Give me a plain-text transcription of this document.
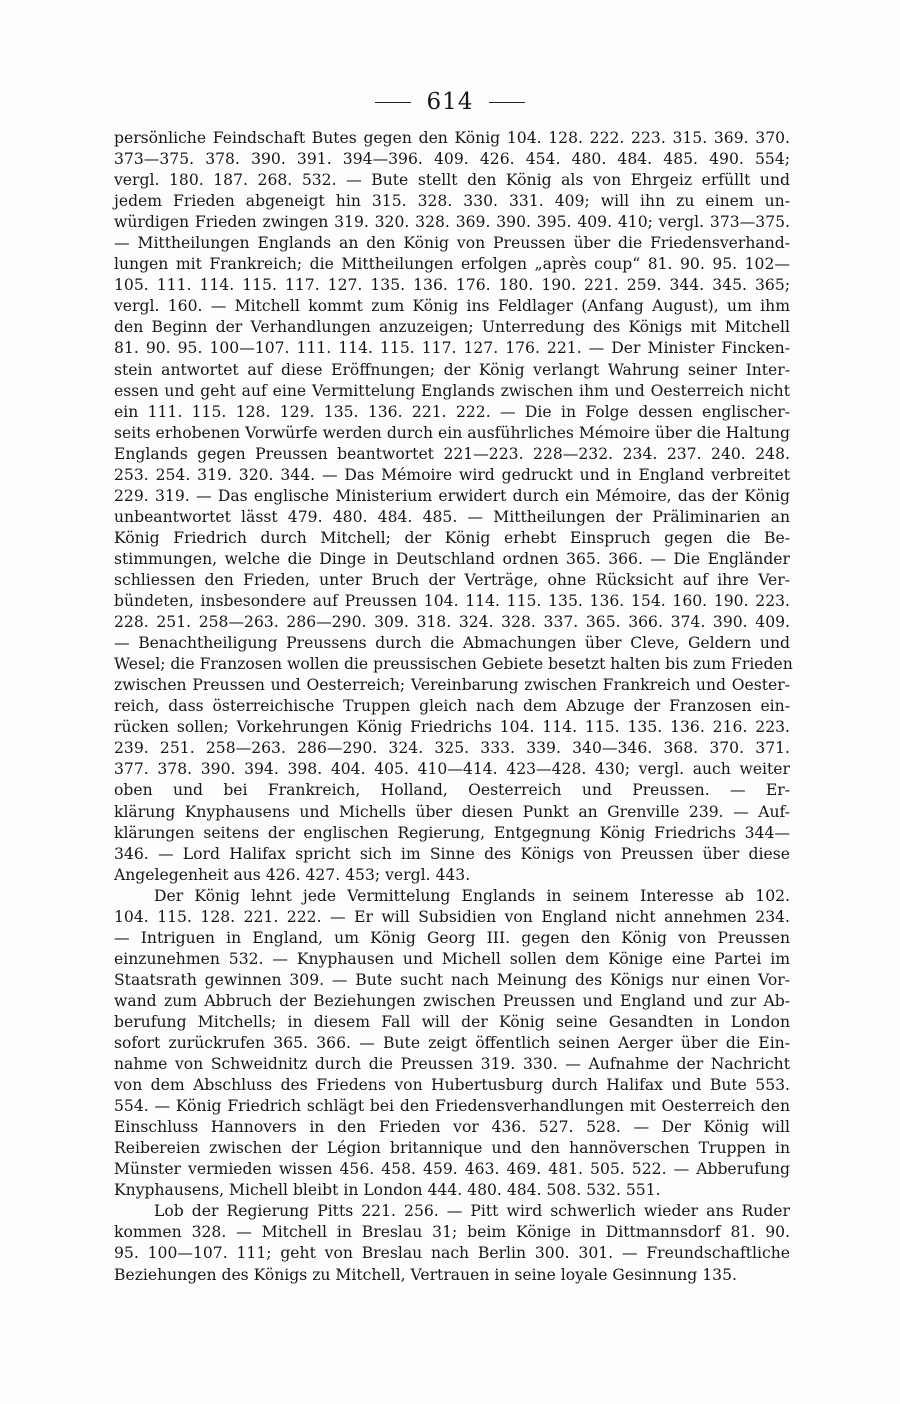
614
persönliche Feindschaft Butes gegen den König 104. 128. 222. 223. 315. 369. 370.
373—375. 378. 390. 391. 394—396. 409. 426. 454. 480. 484. 485. 490. 554;
vergl. 180. 187. 268. 532. — Bute stellt den König als von Ehrgeiz erfüllt und
jedem Frieden abgeneigt hin 315. 328. 330. 331. 409; will ihn zu einem un-
würdigen Frieden zwingen 319. 320. 328. 369. 390. 395. 409. 410; vergl. 373—375.
— Mittheilungen Englands an den König von Preussen über die Friedensverhand-
lungen mit Frankreich; die Mittheilungen erfolgen „après coup“ 81. 90. 95. 102—
105. 111. 114. 115. 117. 127. 135. 136. 176. 180. 190. 221. 259. 344. 345. 365;
vergl. 160. — Mitchell kommt zum König ins Feldlager (Anfang August), um ihm
den Beginn der Verhandlungen anzuzeigen; Unterredung des Königs mit Mitchell
81. 90. 95. 100—107. 111. 114. 115. 117. 127. 176. 221. — Der Minister Fincken-
stein antwortet auf diese Eröffnungen; der König verlangt Wahrung seiner Inter-
essen und geht auf eine Vermittelung Englands zwischen ihm und Oesterreich nicht
ein 111. 115. 128. 129. 135. 136. 221. 222. — Die in Folge dessen englischer-
seits erhobenen Vorwürfe werden durch ein ausführliches Mémoire über die Haltung
Englands gegen Preussen beantwortet 221—223. 228—232. 234. 237. 240. 248.
253. 254. 319. 320. 344. — Das Mémoire wird gedruckt und in England verbreitet
229. 319. — Das englische Ministerium erwidert durch ein Mémoire, das der König
unbeantwortet lässt 479. 480. 484. 485. — Mittheilungen der Präliminarien an
König Friedrich durch Mitchell; der König erhebt Einspruch gegen die Be-
stimmungen, welche die Dinge in Deutschland ordnen 365. 366. — Die Engländer
schliessen den Frieden, unter Bruch der Verträge, ohne Rücksicht auf ihre Ver-
bündeten, insbesondere auf Preussen 104. 114. 115. 135. 136. 154. 160. 190. 223.
228. 251. 258—263. 286—290. 309. 318. 324. 328. 337. 365. 366. 374. 390. 409.
— Benachtheiligung Preussens durch die Abmachungen über Cleve, Geldern und
Wesel; die Franzosen wollen die preussischen Gebiete besetzt halten bis zum Frieden
zwischen Preussen und Oesterreich; Vereinbarung zwischen Frankreich und Oester-
reich, dass österreichische Truppen gleich nach dem Abzuge der Franzosen ein-
rücken sollen; Vorkehrungen König Friedrichs 104. 114. 115. 135. 136. 216. 223.
239. 251. 258—263. 286—290. 324. 325. 333. 339. 340—346. 368. 370. 371.
377. 378. 390. 394. 398. 404. 405. 410—414. 423—428. 430; vergl. auch weiter
oben und bei Frankreich, Holland, Oesterreich und Preussen. — Er-
klärung Knyphausens und Michells über diesen Punkt an Grenville 239. — Auf-
klärungen seitens der englischen Regierung, Entgegnung König Friedrichs 344—
346. — Lord Halifax spricht sich im Sinne des Königs von Preussen über diese
Angelegenheit aus 426. 427. 453; vergl. 443.
Der König lehnt jede Vermittelung Englands in seinem Interesse ab 102.
104. 115. 128. 221. 222. — Er will Subsidien von England nicht annehmen 234.
— Intriguen in England, um König Georg III. gegen den König von Preussen
einzunehmen 532. — Knyphausen und Michell sollen dem Könige eine Partei im
Staatsrath gewinnen 309. — Bute sucht nach Meinung des Königs nur einen Vor-
wand zum Abbruch der Beziehungen zwischen Preussen und England und zur Ab-
berufung Mitchells; in diesem Fall will der König seine Gesandten in London
sofort zurückrufen 365. 366. — Bute zeigt öffentlich seinen Aerger über die Ein-
nahme von Schweidnitz durch die Preussen 319. 330. — Aufnahme der Nachricht
von dem Abschluss des Friedens von Hubertusburg durch Halifax und Bute 553.
554. — König Friedrich schlägt bei den Friedensverhandlungen mit Oesterreich den
Einschluss Hannovers in den Frieden vor 436. 527. 528. — Der König will
Reibereien zwischen der Légion britannique und den hannöverschen Truppen in
Münster vermieden wissen 456. 458. 459. 463. 469. 481. 505. 522. — Abberufung
Knyphausens, Michell bleibt in London 444. 480. 484. 508. 532. 551.
Lob der Regierung Pitts 221. 256. — Pitt wird schwerlich wieder ans Ruder
kommen 328. — Mitchell in Breslau 31; beim Könige in Dittmannsdorf 81. 90.
95. 100—107. 111; geht von Breslau nach Berlin 300. 301. — Freundschaftliche
Beziehungen des Königs zu Mitchell, Vertrauen in seine loyale Gesinnung 135.
